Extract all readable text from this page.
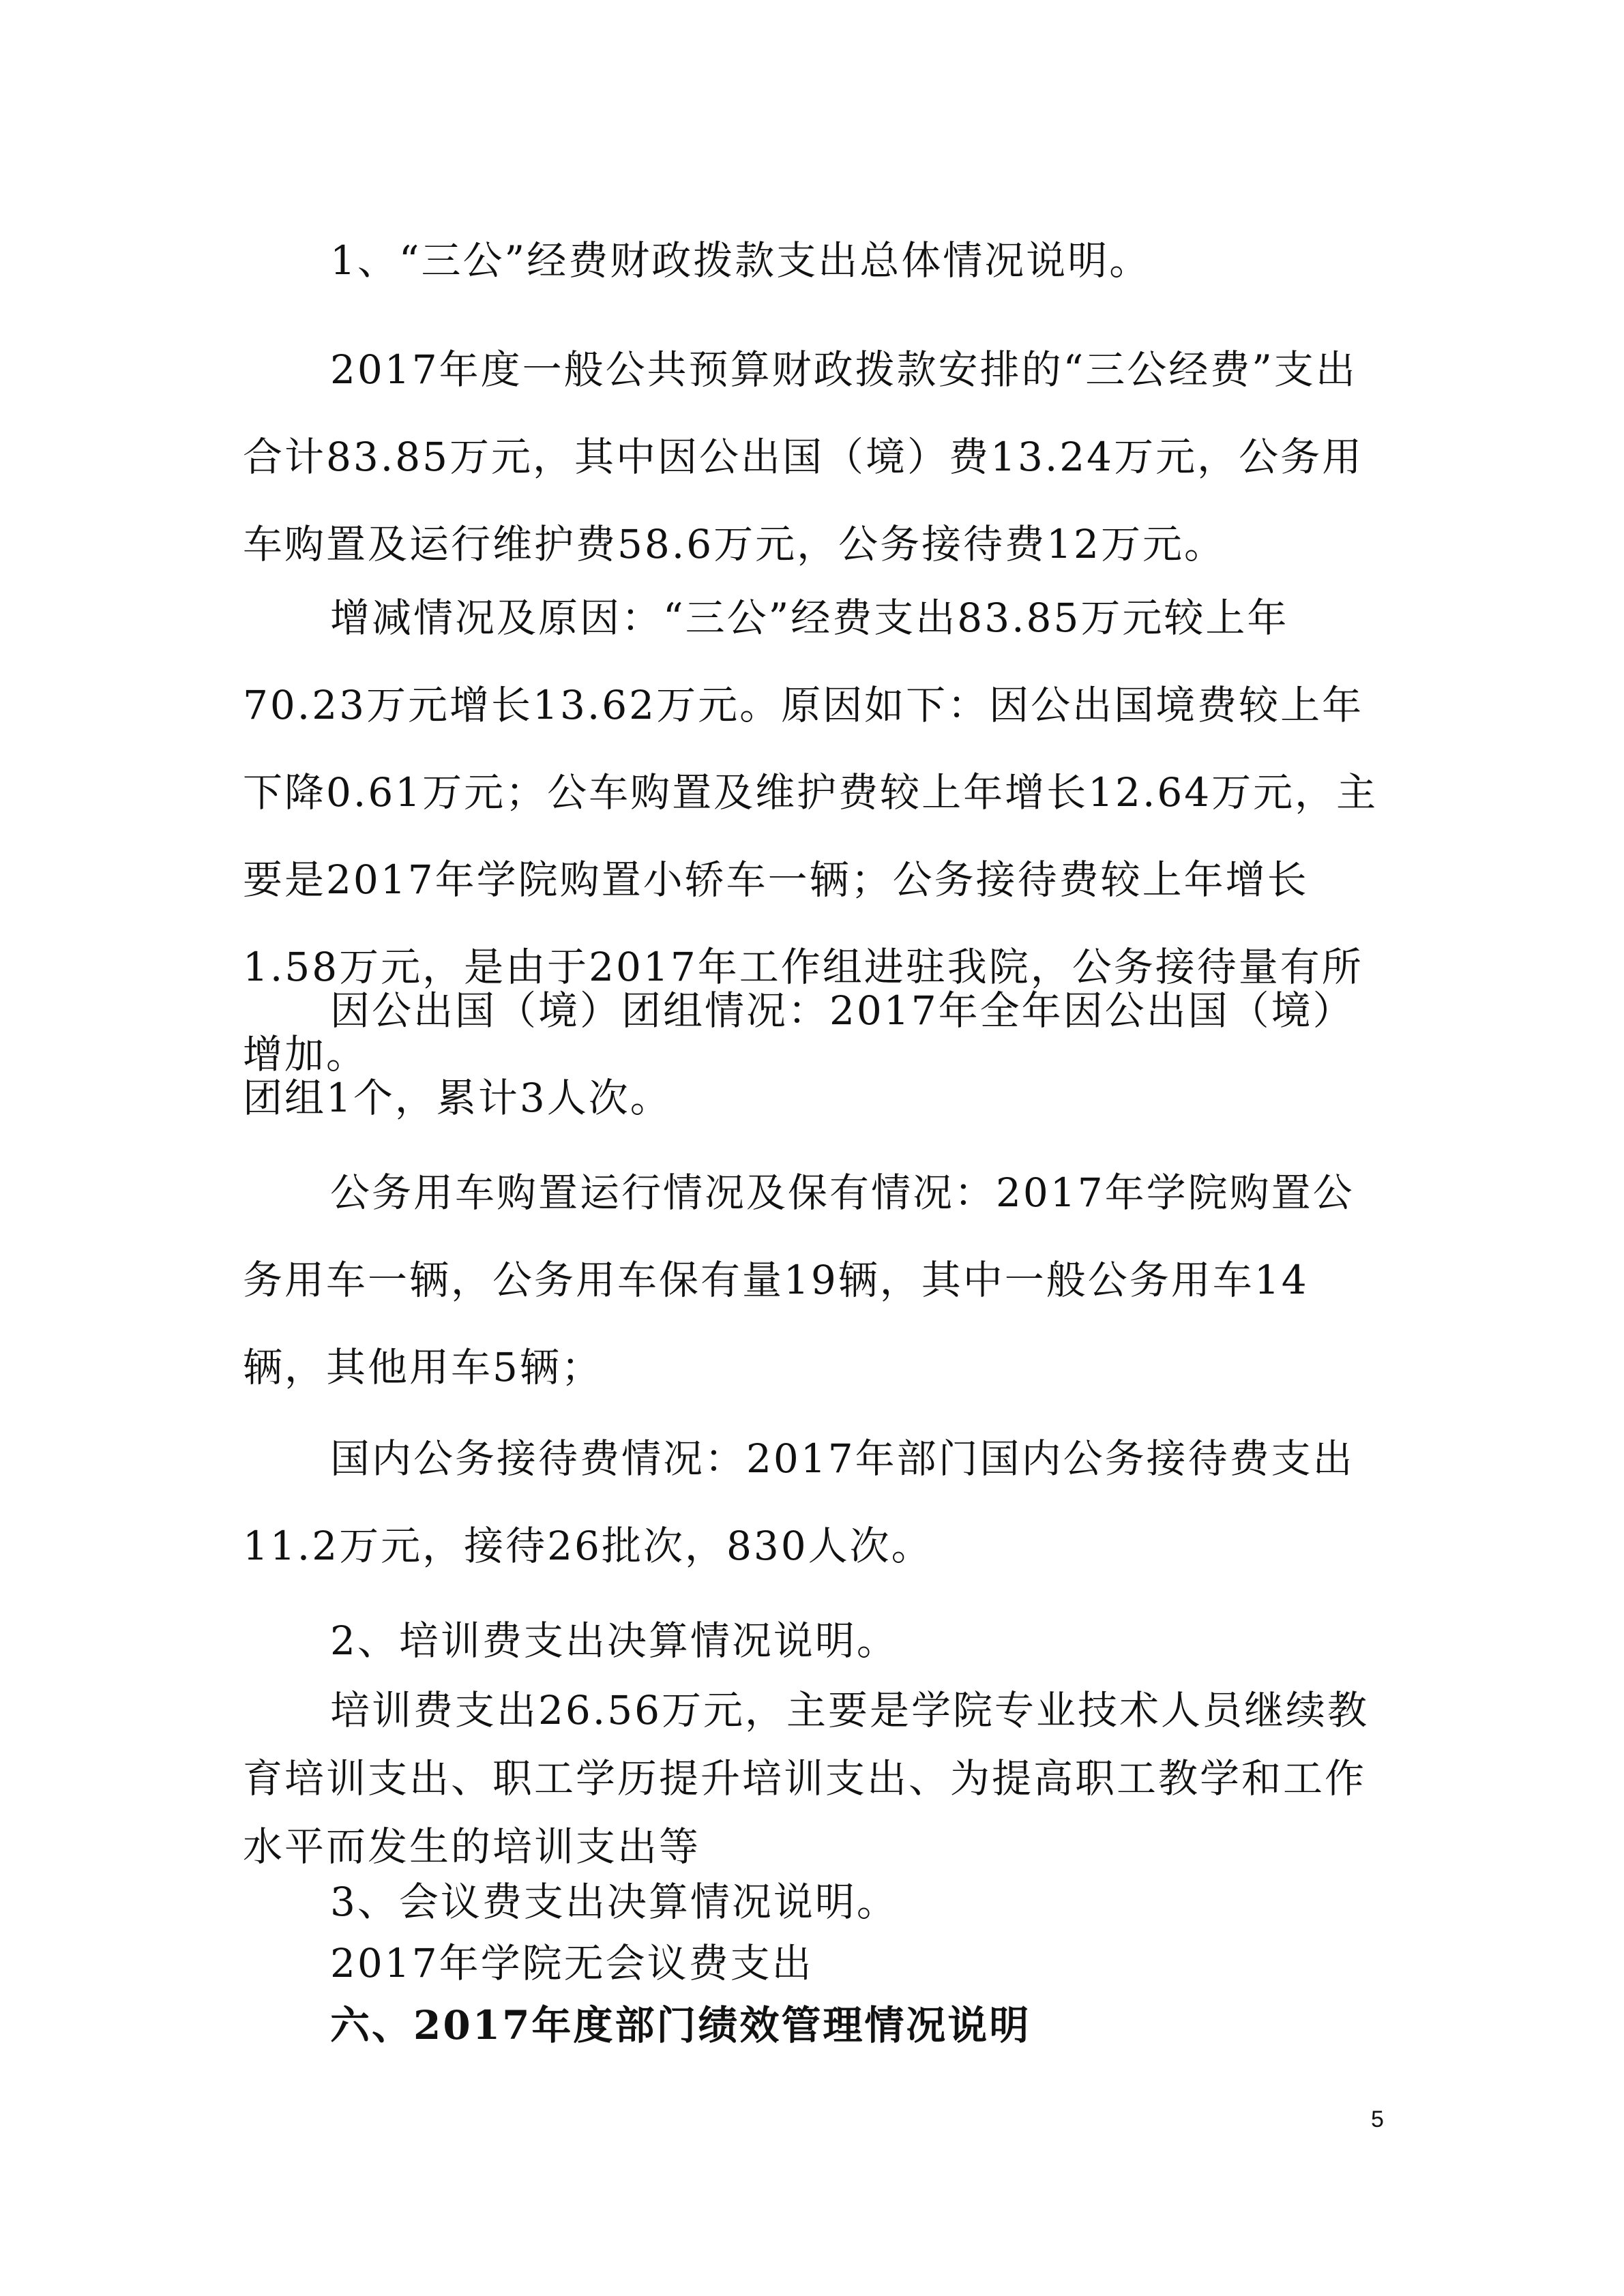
1、“三公”经费财政拨款支出总体情况说明。

2017年度一般公共预算财政拨款安排的“三公经费”支出合计83.85万元，其中因公出国（境）费13.24万元，公务用车购置及运行维护费58.6万元，公务接待费12万元。

增减情况及原因：“三公”经费支出83.85万元较上年70.23万元增长13.62万元。原因如下：因公出国境费较上年下降0.61万元；公车购置及维护费较上年增长12.64万元，主要是2017年学院购置小轿车一辆；公务接待费较上年增长1.58万元，是由于2017年工作组进驻我院，公务接待量有所增加。

因公出国（境）团组情况：2017年全年因公出国（境）团组1个，累计3人次。

公务用车购置运行情况及保有情况：2017年学院购置公务用车一辆，公务用车保有量19辆，其中一般公务用车14辆，其他用车5辆；

国内公务接待费情况：2017年部门国内公务接待费支出11.2万元，接待26批次，830人次。

2、培训费支出决算情况说明。

培训费支出26.56万元，主要是学院专业技术人员继续教育培训支出、职工学历提升培训支出、为提高职工教学和工作水平而发生的培训支出等

3、会议费支出决算情况说明。

2017年学院无会议费支出

六、2017年度部门绩效管理情况说明
5
